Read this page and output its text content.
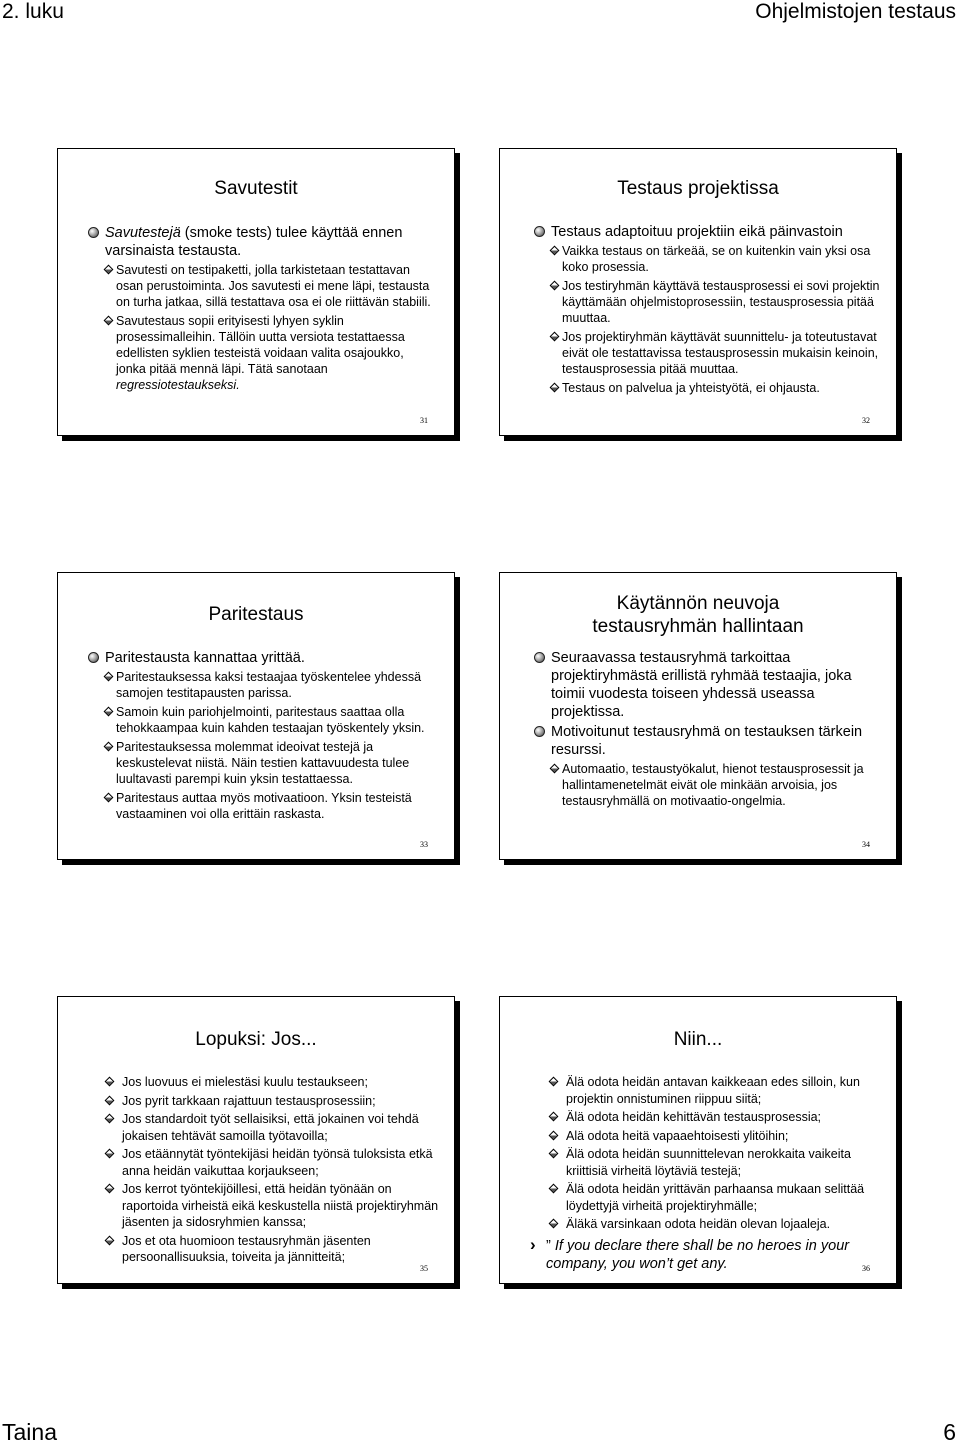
2. luku	Ohjelmistojen testaus
Savutestit
Savutestejä (smoke tests) tulee käyttää ennen varsinaista testausta.
Savutesti on testipaketti, jolla tarkistetaan testattavan osan perustoiminta. Jos savutesti ei mene läpi, testausta on turha jatkaa, sillä testattava osa ei ole riittävän stabiili.
Savutestaus sopii erityisesti lyhyen syklin prosessimalleihin. Tällöin uutta versiota testattaessa edellisten syklien testeistä voidaan valita osajoukko, jonka pitää mennä läpi. Tätä sanotaan regressiotestaukseksi.
31
Testaus projektissa
Testaus adaptoituu projektiin eikä päinvastoin
Vaikka testaus on tärkeää, se on kuitenkin vain yksi osa koko prosessia.
Jos testiryhmän käyttävä testausprosessi ei sovi projektin käyttämään ohjelmistoprosessiin, testausprosessia pitää muuttaa.
Jos projektiryhmän käyttävät suunnittelu- ja toteutustavat eivät ole testattavissa testausprosessin mukaisin keinoin, testausprosessia pitää muuttaa.
Testaus on palvelua ja yhteistyötä, ei ohjausta.
32
Paritestaus
Paritestausta kannattaa yrittää.
Paritestauksessa kaksi testaajaa työskentelee yhdessä samojen testitapausten parissa.
Samoin kuin pariohjelmointi, paritestaus saattaa olla tehokkaampaa kuin kahden testaajan työskentely yksin.
Paritestauksessa molemmat ideoivat testejä ja keskustelevat niistä. Näin testien kattavuudesta tulee luultavasti parempi kuin yksin testattaessa.
Paritestaus auttaa myös motivaatioon. Yksin testeistä vastaaminen voi olla erittäin raskasta.
33
Käytännön neuvoja
testausryhmän hallintaan
Seuraavassa testausryhmä tarkoittaa projektiryhmästä erillistä ryhmää testaajia, joka toimii vuodesta toiseen yhdessä useassa projektissa.
Motivoitunut testausryhmä on testauksen tärkein resurssi.
Automaatio, testaustyökalut, hienot testausprosessit ja hallintamenetelmät eivät ole minkään arvoisia, jos testausryhmällä on motivaatio-ongelmia.
34
Lopuksi: Jos...
Jos luovuus ei mielestäsi kuulu testaukseen;
Jos pyrit tarkkaan rajattuun testausprosessiin;
Jos standardoit työt sellaisiksi, että jokainen voi tehdä jokaisen tehtävät samoilla työtavoilla;
Jos etäännytät työntekijäsi heidän työnsä tuloksista etkä anna heidän vaikuttaa korjaukseen;
Jos kerrot työntekijöillesi, että heidän työnään on raportoida virheistä eikä keskustella niistä projektiryhmän jäsenten ja sidosryhmien kanssa;
Jos et ota huomioon testausryhmän jäsenten persoonallisuuksia, toiveita ja jännitteitä;
35
Niin...
Älä odota heidän antavan kaikkeaan edes silloin, kun projektin onnistuminen riippuu siitä;
Älä odota heidän kehittävän testausprosessia;
Alä odota heitä vapaaehtoisesti ylitöihin;
Älä odota heidän suunnittelevan nerokkaita vaikeita kriittisiä virheitä löytäviä testejä;
Älä odota heidän yrittävän parhaansa mukaan selittää löydettyjä virheitä projektiryhmälle;
Äläkä varsinkaan odota heidän olevan lojaaleja.
› ” If you declare there shall be no heroes in your company, you won’t get any.	36
Taina	6
